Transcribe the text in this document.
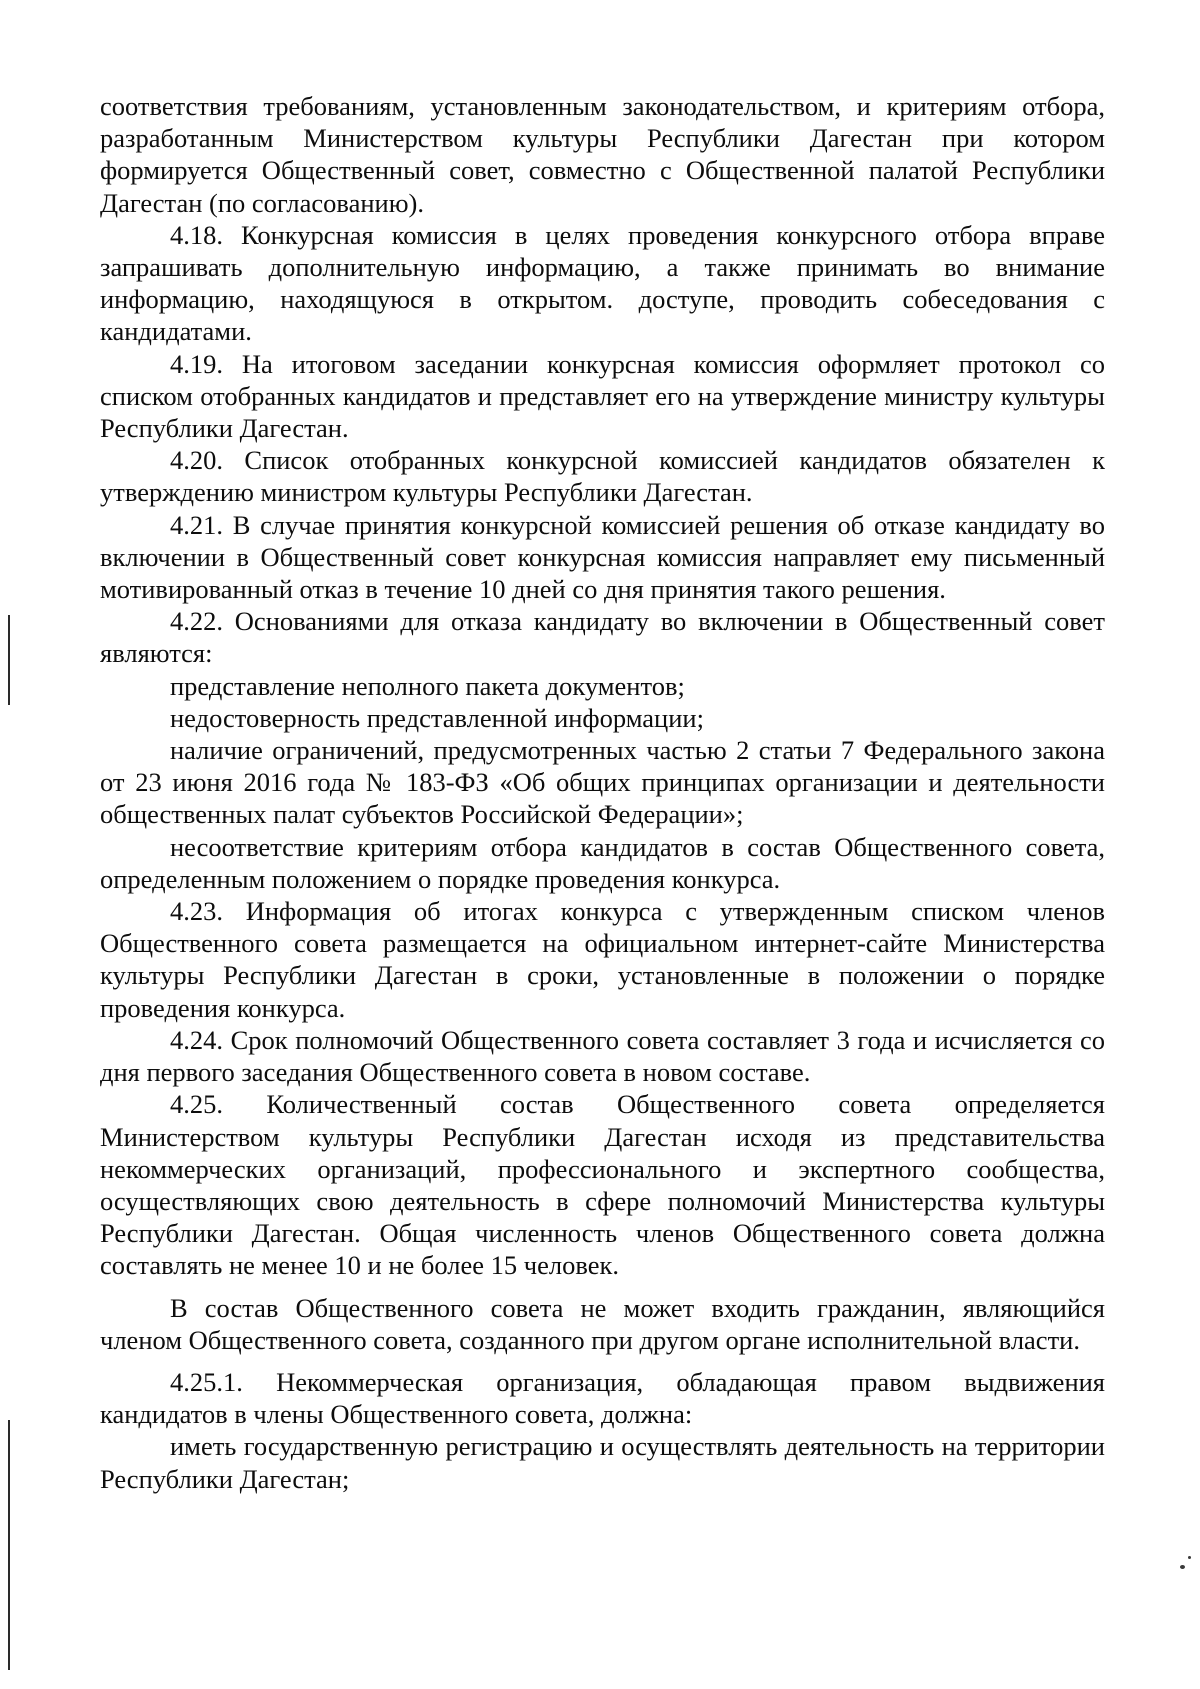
соответствия требованиям, установленным законодательством, и критериям отбора, разработанным Министерством культуры Республики Дагестан при котором формируется Общественный совет, совместно с Общественной палатой Республики Дагестан (по согласованию).

4.18. Конкурсная комиссия в целях проведения конкурсного отбора вправе запрашивать дополнительную информацию, а также принимать во внимание информацию, находящуюся в открытом. доступе, проводить собеседования с кандидатами.

4.19. На итоговом заседании конкурсная комиссия оформляет протокол со списком отобранных кандидатов и представляет его на утверждение министру культуры Республики Дагестан.

4.20. Список отобранных конкурсной комиссией кандидатов обязателен к утверждению министром культуры Республики Дагестан.

4.21. В случае принятия конкурсной комиссией решения об отказе кандидату во включении в Общественный совет конкурсная комиссия направляет ему письменный мотивированный отказ в течение 10 дней со дня принятия такого решения.

4.22. Основаниями для отказа кандидату во включении в Общественный совет являются:

представление неполного пакета документов;

недостоверность представленной информации;

наличие ограничений, предусмотренных частью 2 статьи 7 Федерального закона от 23 июня 2016 года № 183-ФЗ «Об общих принципах организации и деятельности общественных палат субъектов Российской Федерации»;

несоответствие критериям отбора кандидатов в состав Общественного совета, определенным положением о порядке проведения конкурса.

4.23. Информация об итогах конкурса с утвержденным списком членов Общественного совета размещается на официальном интернет-сайте Министерства культуры Республики Дагестан в сроки, установленные в положении о порядке проведения конкурса.

4.24. Срок полномочий Общественного совета составляет 3 года и исчисляется со дня первого заседания Общественного совета в новом составе.

4.25. Количественный состав Общественного совета определяется Министерством культуры Республики Дагестан исходя из представительства некоммерческих организаций, профессионального и экспертного сообщества, осуществляющих свою деятельность в сфере полномочий Министерства культуры Республики Дагестан. Общая численность членов Общественного совета должна составлять не менее 10 и не более 15 человек.

В состав Общественного совета не может входить гражданин, являющийся членом Общественного совета, созданного при другом органе исполнительной власти.

4.25.1. Некоммерческая организация, обладающая правом выдвижения кандидатов в члены Общественного совета, должна:

иметь государственную регистрацию и осуществлять деятельность на территории Республики Дагестан;
